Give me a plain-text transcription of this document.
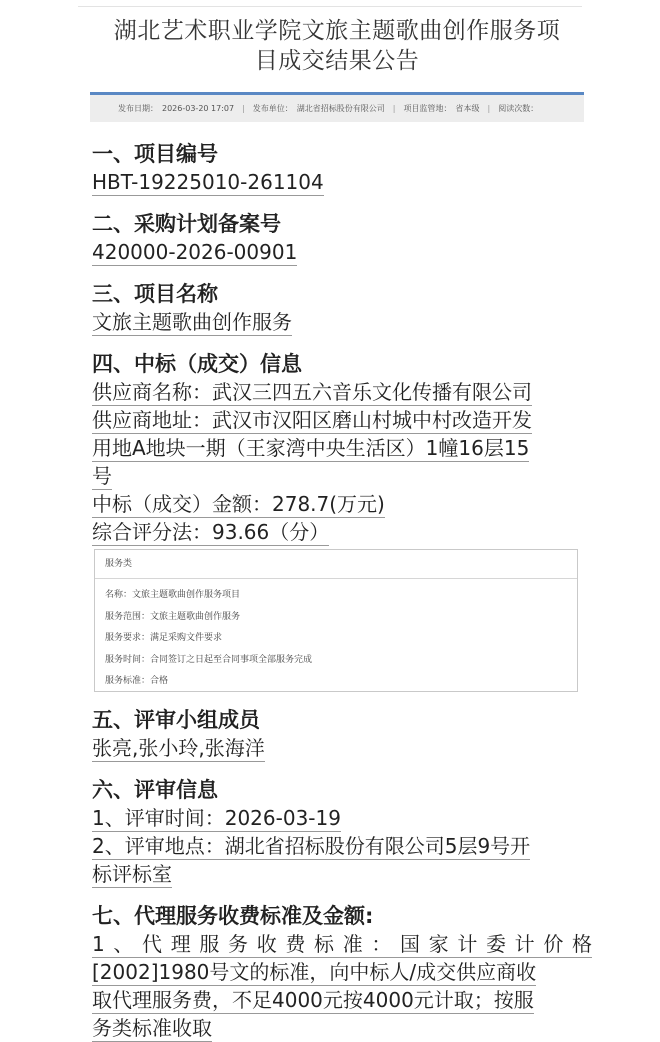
湖北艺术职业学院文旅主题歌曲创作服务项
目成交结果公告
发布日期： 2026-03-20 17:07 | 发布单位： 湖北省招标股份有限公司 | 项目监管地： 省本级 | 阅读次数：

一、项目编号

HBT-19225010-261104

二、采购计划备案号

420000-2026-00901

三、项目名称

文旅主题歌曲创作服务

四、中标（成交）信息

供应商名称：武汉三四五六音乐文化传播有限公司

供应商地址：武汉市汉阳区磨山村城中村改造开发

用地A地块一期（王家湾中央生活区）1幢16层15

号

中标（成交）金额：278.7(万元)

综合评分法：93.66（分）

服务类
名称：文旅主题歌曲创作服务项目
服务范围：文旅主题歌曲创作服务
服务要求：满足采购文件要求
服务时间：合同签订之日起至合同事项全部服务完成
服务标准：合格

五、评审小组成员

张亮,张小玲,张海洋

六、评审信息

1、评审时间：2026-03-19

2、评审地点：湖北省招标股份有限公司5层9号开

标评标室

七、代理服务收费标准及金额:

1、代理服务收费标准：国家计委计价格

[2002]1980号文的标准，向中标人/成交供应商收

取代理服务费，不足4000元按4000元计取；按服

务类标准收取
